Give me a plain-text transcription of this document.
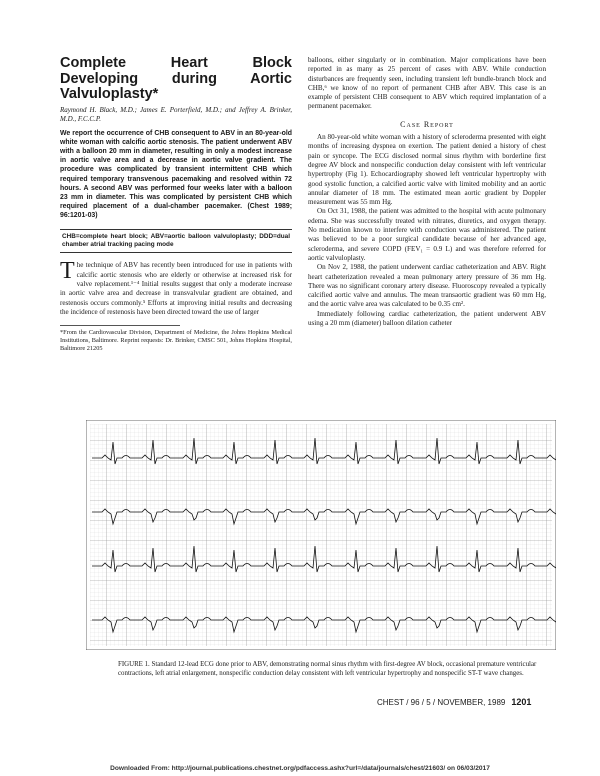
Complete Heart Block Developing during Aortic Valvuloplasty*

Raymond H. Black, M.D.; James E. Porterfield, M.D.; and Jeffrey A. Brinker, M.D., F.C.C.P.

We report the occurrence of CHB consequent to ABV in an 80-year-old white woman with calcific aortic stenosis. The patient underwent ABV with a balloon 20 mm in diameter, resulting in only a modest increase in aortic valve area and a decrease in aortic valve gradient. The procedure was complicated by transient intermittent CHB which required temporary transvenous pacemaking and resolved within 72 hours. A second ABV was performed four weeks later with a balloon 23 mm in diameter. This was complicated by persistent CHB which required placement of a dual-chamber pacemaker. (Chest 1989; 96:1201-03)

CHB=complete heart block; ABV=aortic balloon valvuloplasty; DDD=dual chamber atrial tracking pacing mode

The technique of ABV has recently been introduced for use in patients with calcific aortic stenosis who are elderly or otherwise at increased risk for valve replacement.¹⁻⁴ Initial results suggest that only a moderate increase in aortic valve area and decrease in transvalvular gradient are obtained, and restenosis occurs commonly.⁵ Efforts at improving initial results and decreasing the incidence of restenosis have been directed toward the use of larger

*From the Cardiovascular Division, Department of Medicine, the Johns Hopkins Medical Institutions, Baltimore. Reprint requests: Dr. Brinker, CMSC 501, Johns Hopkins Hospital, Baltimore 21205

balloons, either singularly or in combination. Major complications have been reported in as many as 25 percent of cases with ABV. While conduction disturbances are frequently seen, including transient left bundle-branch block and CHB,⁶ we know of no report of permanent CHB after ABV. This case is an example of persistent CHB consequent to ABV which required implantation of a permanent pacemaker.

Case Report

An 80-year-old white woman with a history of scleroderma presented with eight months of increasing dyspnea on exertion. The patient denied a history of chest pain or syncope. The ECG disclosed normal sinus rhythm with borderline first degree AV block and nonspecific conduction delay consistent with left ventricular hypertrophy (Fig 1). Echocardiography showed left ventricular hypertrophy with good systolic function, a calcified aortic valve with limited mobility and an aortic annular diameter of 18 mm. The estimated mean aortic gradient by Doppler measurement was 55 mm Hg.

On Oct 31, 1988, the patient was admitted to the hospital with acute pulmonary edema. She was successfully treated with nitrates, diuretics, and oxygen therapy. No medication known to interfere with conduction was administered. The patient was believed to be a poor surgical candidate because of her advanced age, scleroderma, and severe COPD (FEV₁ = 0.9 L) and was therefore referred for aortic valvuloplasty.

On Nov 2, 1988, the patient underwent cardiac catheterization and ABV. Right heart catheterization revealed a mean pulmonary artery pressure of 36 mm Hg. There was no significant coronary artery disease. Fluoroscopy revealed a typically calcified aortic valve and annulus. The mean transaortic gradient was 60 mm Hg, and the aortic valve area was calculated to be 0.35 cm².

Immediately following cardiac catheterization, the patient underwent ABV using a 20 mm (diameter) balloon dilation catheter

FIGURE 1. Standard 12-lead ECG done prior to ABV, demonstrating normal sinus rhythm with first-degree AV block, occasional premature ventricular contractions, left atrial enlargement, nonspecific conduction delay consistent with left ventricular hypertrophy and nonspecific ST-T wave changes.
CHEST / 96 / 5 / NOVEMBER, 1989 1201
Downloaded From: http://journal.publications.chestnet.org/pdfaccess.ashx?url=/data/journals/chest/21603/ on 06/03/2017
